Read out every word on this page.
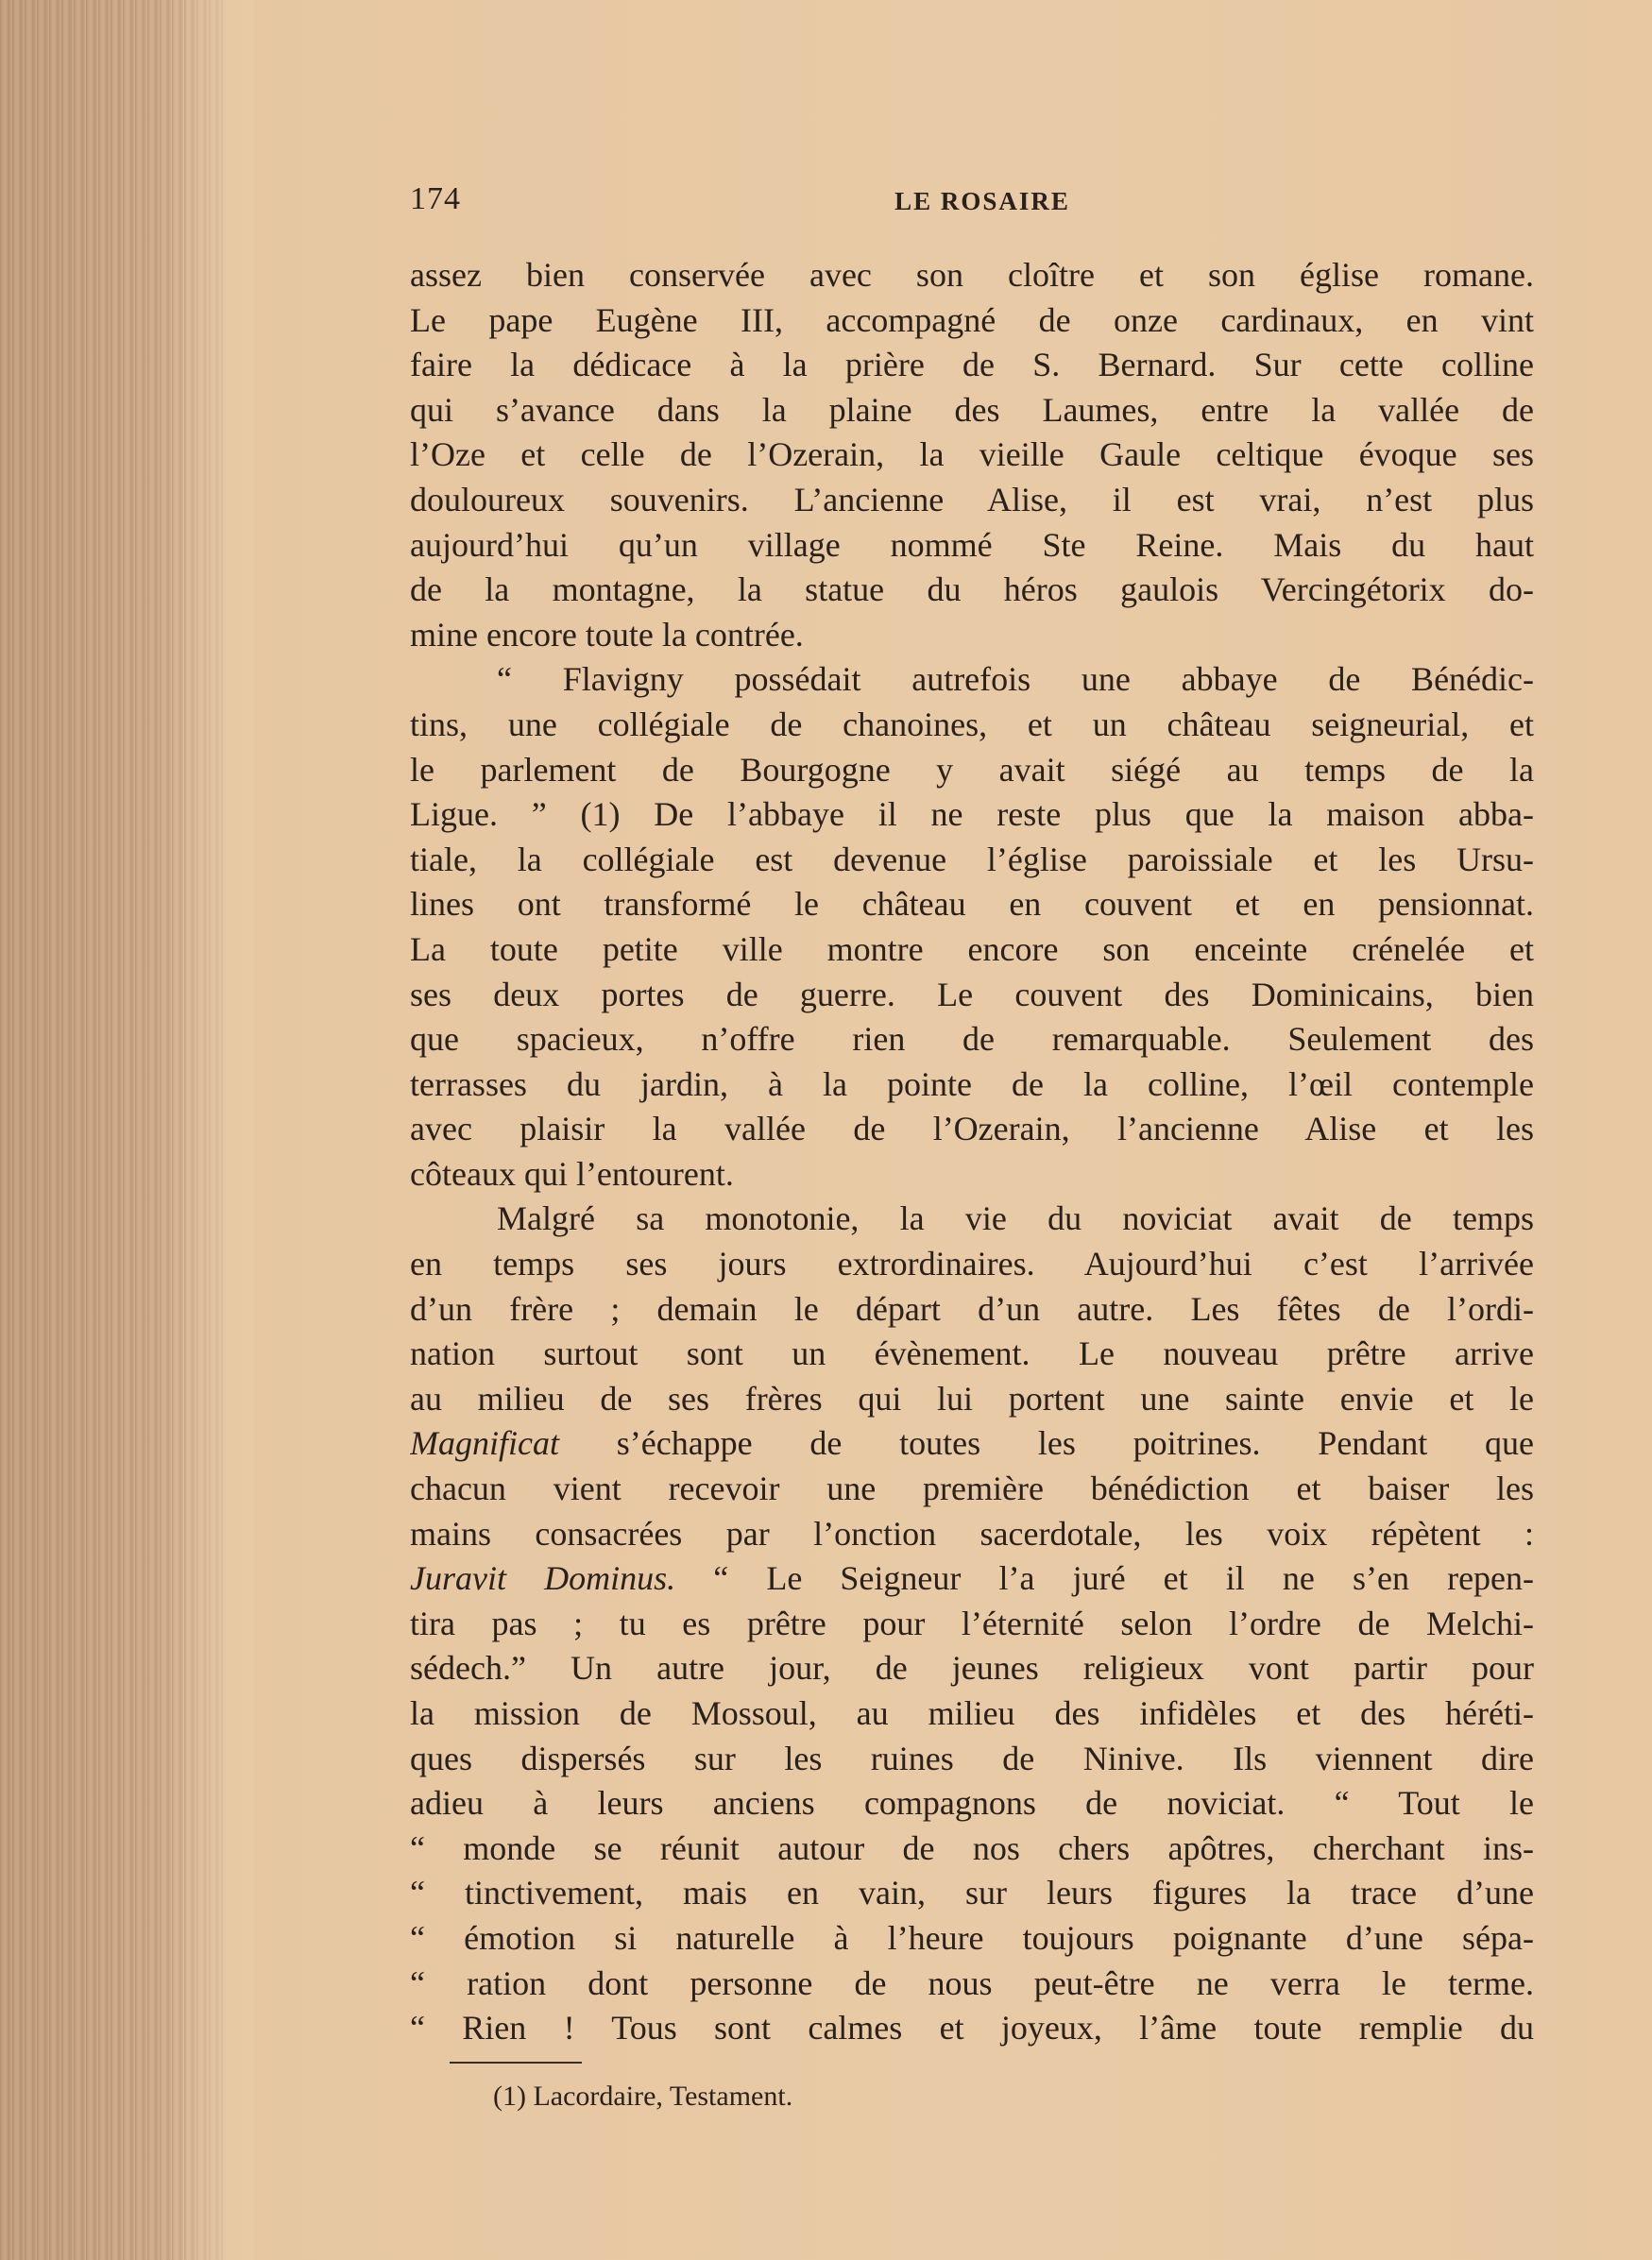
174	LE ROSAIRE
assez bien conservée avec son cloître et son église romane.
Le pape Eugène III, accompagné de onze cardinaux, en vint
faire la dédicace à la prière de S. Bernard. Sur cette colline
qui s’avance dans la plaine des Laumes, entre la vallée de
l’Oze et celle de l’Ozerain, la vieille Gaule celtique évoque ses
douloureux souvenirs. L’ancienne Alise, il est vrai, n’est plus
aujourd’hui qu’un village nommé Ste Reine. Mais du haut
de la montagne, la statue du héros gaulois Vercingétorix do-
mine encore toute la contrée.
“ Flavigny possédait autrefois une abbaye de Bénédic-
tins, une collégiale de chanoines, et un château seigneurial, et
le parlement de Bourgogne y avait siégé au temps de la
Ligue. ” (1) De l’abbaye il ne reste plus que la maison abba-
tiale, la collégiale est devenue l’église paroissiale et les Ursu-
lines ont transformé le château en couvent et en pensionnat.
La toute petite ville montre encore son enceinte crénelée et
ses deux portes de guerre. Le couvent des Dominicains, bien
que spacieux, n’offre rien de remarquable. Seulement des
terrasses du jardin, à la pointe de la colline, l’œil contemple
avec plaisir la vallée de l’Ozerain, l’ancienne Alise et les
côteaux qui l’entourent.
Malgré sa monotonie, la vie du noviciat avait de temps
en temps ses jours extrordinaires. Aujourd’hui c’est l’arrivée
d’un frère ; demain le départ d’un autre. Les fêtes de l’ordi-
nation surtout sont un évènement. Le nouveau prêtre arrive
au milieu de ses frères qui lui portent une sainte envie et le
Magnificat s’échappe de toutes les poitrines. Pendant que
chacun vient recevoir une première bénédiction et baiser les
mains consacrées par l’onction sacerdotale, les voix répètent :
Juravit Dominus. “ Le Seigneur l’a juré et il ne s’en repen-
tira pas ; tu es prêtre pour l’éternité selon l’ordre de Melchi-
sédech.” Un autre jour, de jeunes religieux vont partir pour
la mission de Mossoul, au milieu des infidèles et des héréti-
ques dispersés sur les ruines de Ninive. Ils viennent dire
adieu à leurs anciens compagnons de noviciat. “ Tout le
“ monde se réunit autour de nos chers apôtres, cherchant ins-
“ tinctivement, mais en vain, sur leurs figures la trace d’une
“ émotion si naturelle à l’heure toujours poignante d’une sépa-
“ ration dont personne de nous peut-être ne verra le terme.
“ Rien ! Tous sont calmes et joyeux, l’âme toute remplie du
(1) Lacordaire, Testament.
